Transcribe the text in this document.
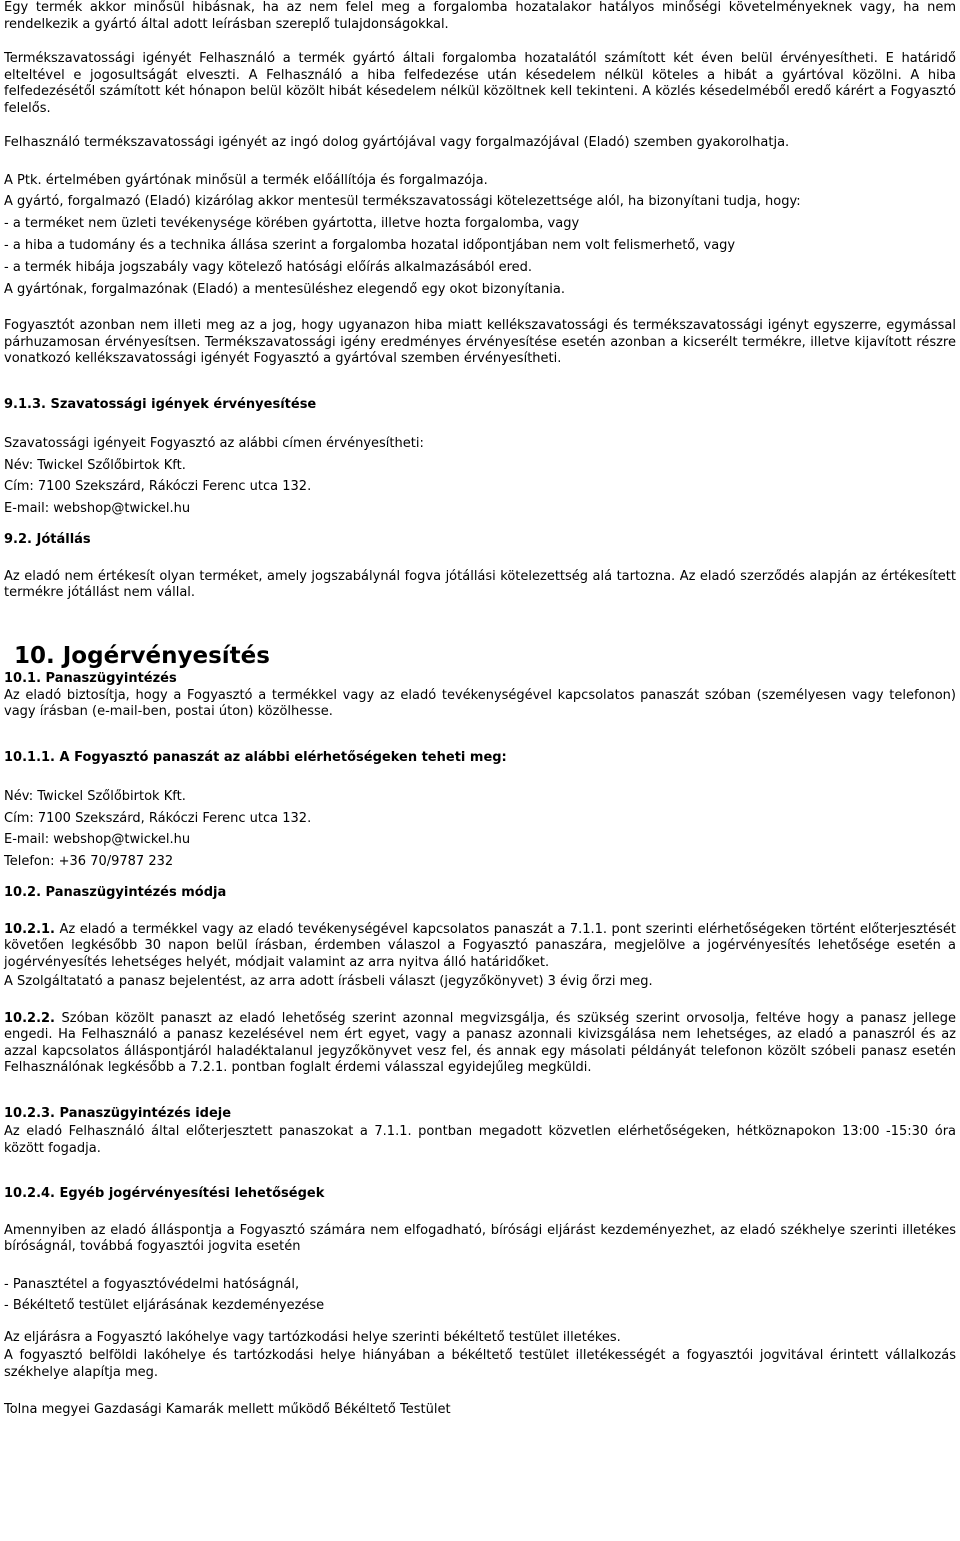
Egy termék akkor minősül hibásnak, ha az nem felel meg a forgalomba hozatalakor hatályos minőségi követelményeknek vagy, ha nem rendelkezik a gyártó által adott leírásban szereplő tulajdonságokkal.

Termékszavatossági igényét Felhasználó a termék gyártó általi forgalomba hozatalától számított két éven belül érvényesítheti. E határidő elteltével e jogosultságát elveszti. A Felhasználó a hiba felfedezése után késedelem nélkül köteles a hibát a gyártóval közölni. A hiba felfedezésétől számított két hónapon belül közölt hibát késedelem nélkül közöltnek kell tekinteni. A közlés késedelméből eredő kárért a Fogyasztó felelős.

Felhasználó termékszavatossági igényét az ingó dolog gyártójával vagy forgalmazójával (Eladó) szemben gyakorolhatja.

A Ptk. értelmében gyártónak minősül a termék előállítója és forgalmazója.
A gyártó, forgalmazó (Eladó) kizárólag akkor mentesül termékszavatossági kötelezettsége alól, ha bizonyítani tudja, hogy:
- a terméket nem üzleti tevékenysége körében gyártotta, illetve hozta forgalomba, vagy
- a hiba a tudomány és a technika állása szerint a forgalomba hozatal időpontjában nem volt felismerhető, vagy
- a termék hibája jogszabály vagy kötelező hatósági előírás alkalmazásából ered.
A gyártónak, forgalmazónak (Eladó) a mentesüléshez elegendő egy okot bizonyítania.

Fogyasztót azonban nem illeti meg az a jog, hogy ugyanazon hiba miatt kellékszavatossági és termékszavatossági igényt egyszerre, egymással párhuzamosan érvényesítsen. Termékszavatossági igény eredményes érvényesítése esetén azonban a kicserélt termékre, illetve kijavított részre vonatkozó kellékszavatossági igényét Fogyasztó a gyártóval szemben érvényesítheti.

9.1.3. Szavatossági igények érvényesítése
Szavatossági igényeit Fogyasztó az alábbi címen érvényesítheti:
Név: Twickel Szőlőbirtok Kft.
Cím: 7100 Szekszárd, Rákóczi Ferenc utca 132.
E-mail: webshop@twickel.hu
9.2. Jótállás

Az eladó nem értékesít olyan terméket, amely jogszabálynál fogva jótállási kötelezettség alá tartozna. Az eladó szerződés alapján az értékesített termékre jótállást nem vállal.

10. Jogérvényesítés
10.1. Panaszügyintézés

Az eladó biztosítja, hogy a Fogyasztó a termékkel vagy az eladó tevékenységével kapcsolatos panaszát szóban (személyesen vagy telefonon) vagy írásban (e-mail-ben, postai úton) közölhesse.

10.1.1. A Fogyasztó panaszát az alábbi elérhetőségeken teheti meg:
Név: Twickel Szőlőbirtok Kft.
Cím: 7100 Szekszárd, Rákóczi Ferenc utca 132.
E-mail: webshop@twickel.hu
Telefon: +36 70/9787 232
10.2. Panaszügyintézés módja

10.2.1. Az eladó a termékkel vagy az eladó tevékenységével kapcsolatos panaszát a 7.1.1. pont szerinti elérhetőségeken történt előterjesztését követően legkésőbb 30 napon belül írásban, érdemben válaszol a Fogyasztó panaszára, megjelölve a jogérvényesítés lehetősége esetén a jogérvényesítés lehetséges helyét, módjait valamint az arra nyitva álló határidőket.

A Szolgáltatató a panasz bejelentést, az arra adott írásbeli választ (jegyzőkönyvet) 3 évig őrzi meg.

10.2.2. Szóban közölt panaszt az eladó lehetőség szerint azonnal megvizsgálja, és szükség szerint orvosolja, feltéve hogy a panasz jellege engedi. Ha Felhasználó a panasz kezelésével nem ért egyet, vagy a panasz azonnali kivizsgálása nem lehetséges, az eladó a panaszról és az azzal kapcsolatos álláspontjáról haladéktalanul jegyzőkönyvet vesz fel, és annak egy másolati példányát telefonon közölt szóbeli panasz esetén Felhasználónak legkésőbb a 7.2.1. pontban foglalt érdemi válasszal egyidejűleg megküldi.

10.2.3. Panaszügyintézés ideje

Az eladó Felhasználó által előterjesztett panaszokat a 7.1.1. pontban megadott közvetlen elérhetőségeken, hétköznapokon 13:00 -15:30 óra között fogadja.

10.2.4. Egyéb jogérvényesítési lehetőségek

Amennyiben az eladó álláspontja a Fogyasztó számára nem elfogadható, bírósági eljárást kezdeményezhet, az eladó székhelye szerinti illetékes bíróságnál, továbbá fogyasztói jogvita esetén

- Panasztétel a fogyasztóvédelmi hatóságnál,
- Békéltető testület eljárásának kezdeményezése
Az eljárásra a Fogyasztó lakóhelye vagy tartózkodási helye szerinti békéltető testület illetékes.

A fogyasztó belföldi lakóhelye és tartózkodási helye hiányában a békéltető testület illetékességét a fogyasztói jogvitával érintett vállalkozás székhelye alapítja meg.

Tolna megyei Gazdasági Kamarák mellett működő Békéltető Testület
